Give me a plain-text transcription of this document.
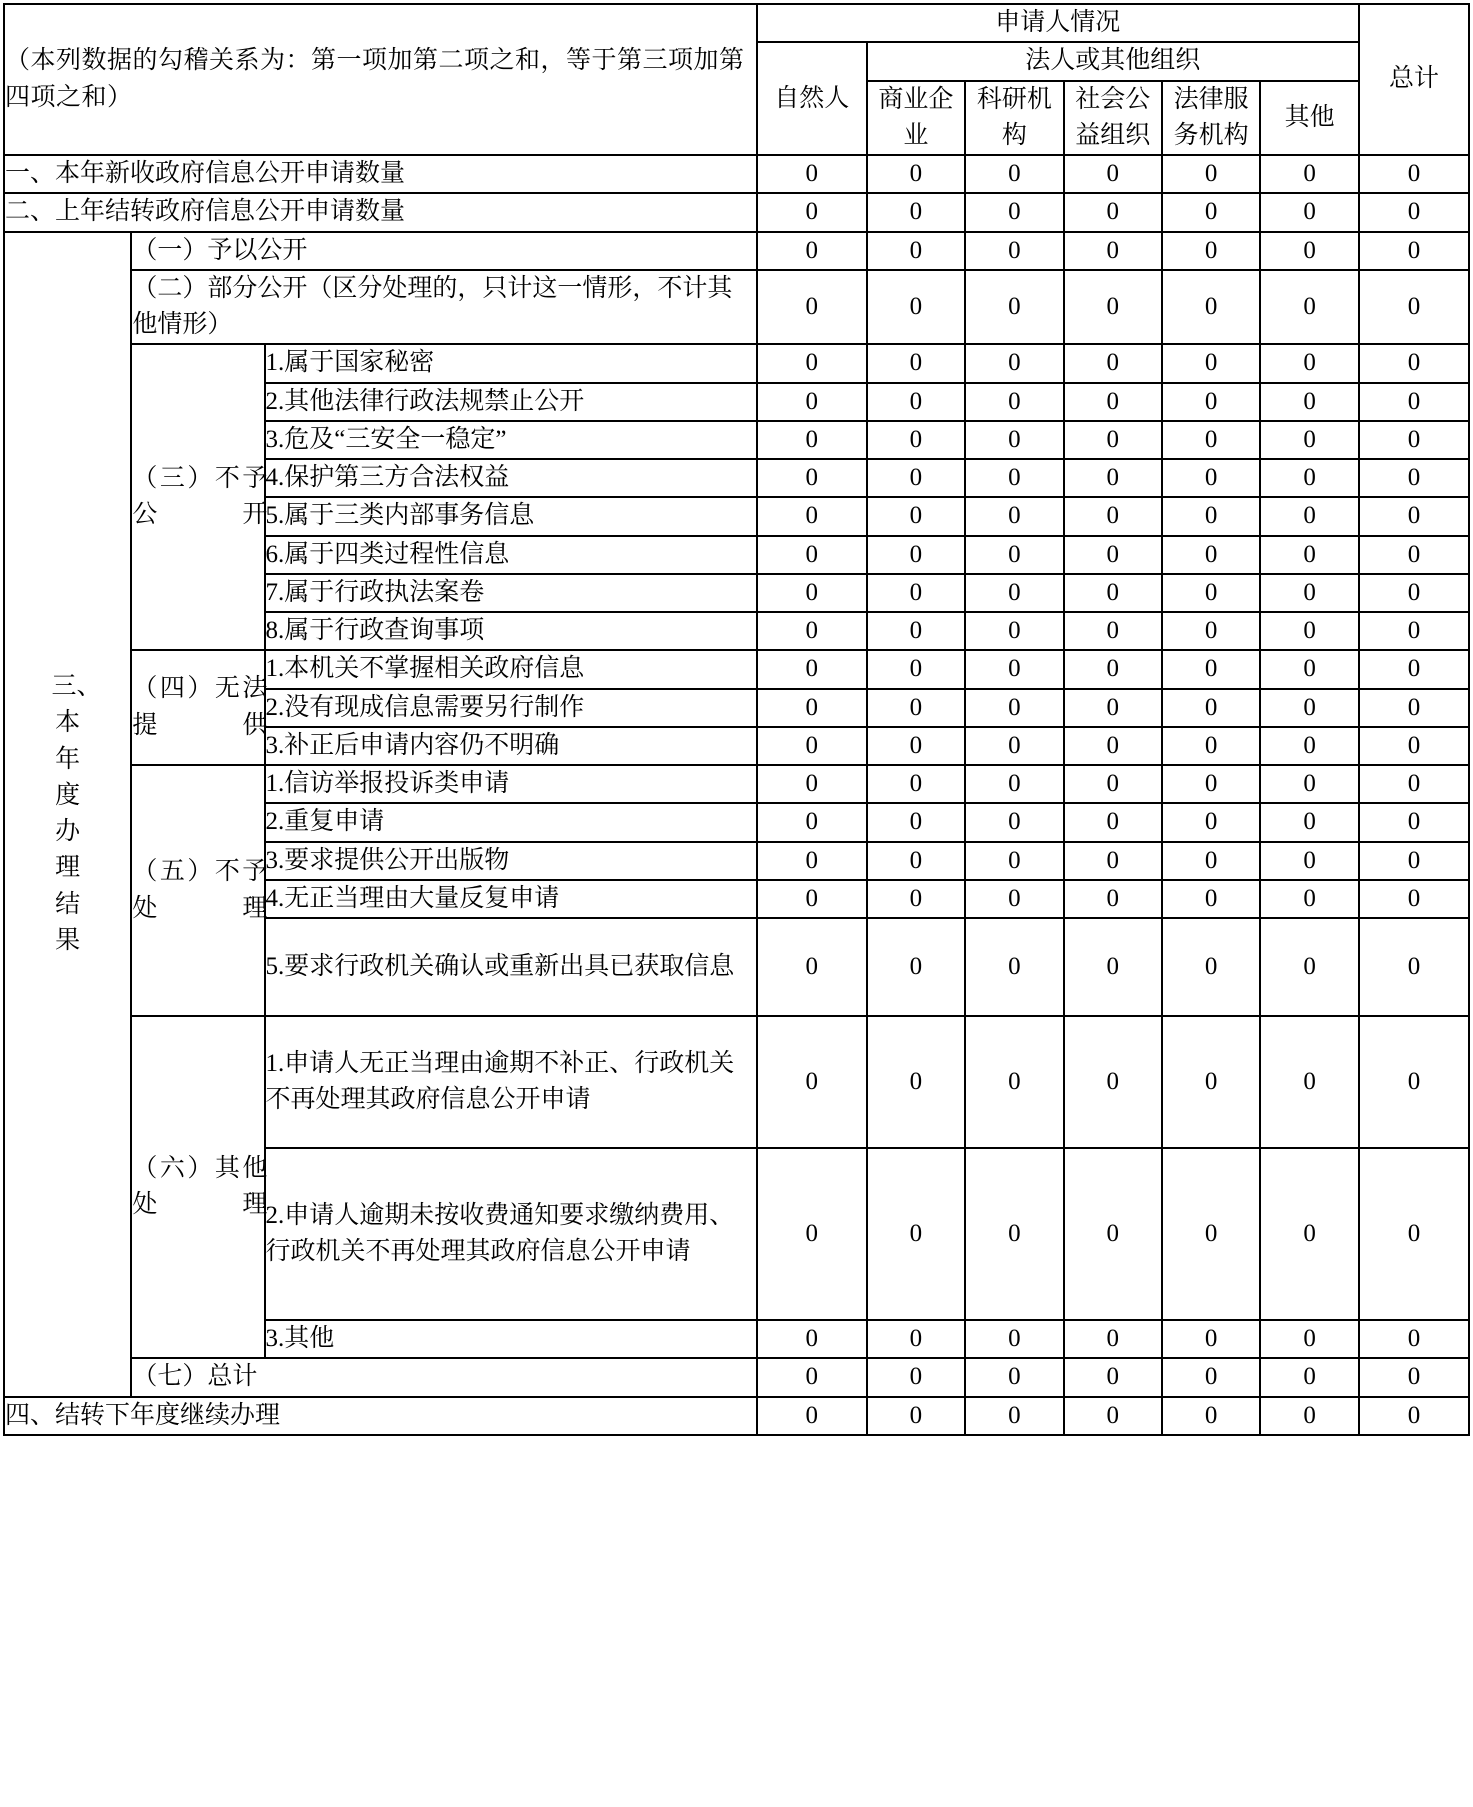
（本列数据的勾稽关系为：第一项加第二项之和，等于第三项加第四项之和）			申请人情况						总计
			自然人	法人或其他组织					
				商业企业	科研机构	社会公益组织	法律服务机构	其他	
一、本年新收政府信息公开申请数量			0	0	0	0	0	0	0
二、上年结转政府信息公开申请数量			0	0	0	0	0	0	0

三、本年度办理结果	（一）予以公开		0	0	0	0	0	0	0
	（二）部分公开（区分处理的，只计这一情形，不计其他情形）		0	0	0	0	0	0	0

	（三）不予公开	1.属于国家秘密	0	0	0	0	0	0	0
		2.其他法律行政法规禁止公开	0	0	0	0	0	0	0
		3.危及“三安全一稳定”	0	0	0	0	0	0	0
		4.保护第三方合法权益	0	0	0	0	0	0	0
		5.属于三类内部事务信息	0	0	0	0	0	0	0
		6.属于四类过程性信息	0	0	0	0	0	0	0
		7.属于行政执法案卷	0	0	0	0	0	0	0
		8.属于行政查询事项	0	0	0	0	0	0	0

	（四）无法提供	1.本机关不掌握相关政府信息	0	0	0	0	0	0	0
		2.没有现成信息需要另行制作	0	0	0	0	0	0	0
		3.补正后申请内容仍不明确	0	0	0	0	0	0	0

	（五）不予处理	1.信访举报投诉类申请	0	0	0	0	0	0	0
		2.重复申请	0	0	0	0	0	0	0
		3.要求提供公开出版物	0	0	0	0	0	0	0
		4.无正当理由大量反复申请	0	0	0	0	0	0	0
		5.要求行政机关确认或重新出具已获取信息	0	0	0	0	0	0	0

	（六）其他处理	1.申请人无正当理由逾期不补正、行政机关不再处理其政府信息公开申请	0	0	0	0	0	0	0
		2.申请人逾期未按收费通知要求缴纳费用、行政机关不再处理其政府信息公开申请	0	0	0	0	0	0	0
		3.其他	0	0	0	0	0	0	0
	（七）总计		0	0	0	0	0	0	0
四、结转下年度继续办理			0	0	0	0	0	0	0
